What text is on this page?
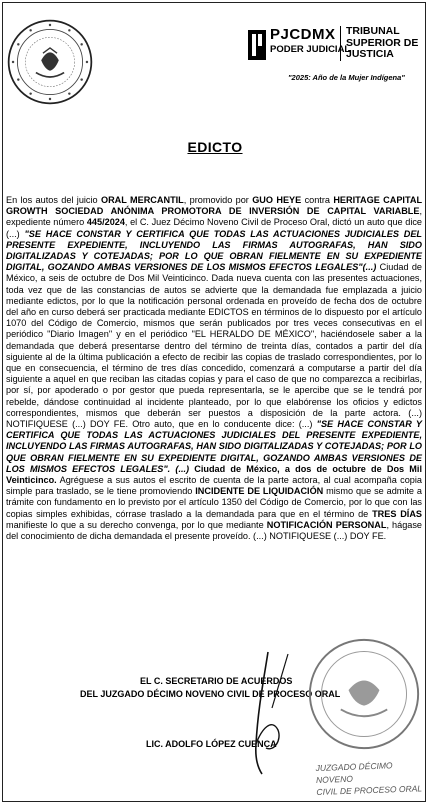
PJCDMX
PODER JUDICIAL
TRIBUNAL
SUPERIOR DE
JUSTICIA
"2025: Año de la Mujer Indígena"
EDICTO
En los autos del juicio ORAL MERCANTIL, promovido por GUO HEYE contra HERITAGE CAPITAL GROWTH SOCIEDAD ANÓNIMA PROMOTORA DE INVERSIÓN DE CAPITAL VARIABLE, expediente número 445/2024, el C. Juez Décimo Noveno Civil de Proceso Oral, dictó un auto que dice (...) "SE HACE CONSTAR Y CERTIFICA QUE TODAS LAS ACTUACIONES JUDICIALES DEL PRESENTE EXPEDIENTE, INCLUYENDO LAS FIRMAS AUTOGRAFAS, HAN SIDO DIGITALIZADAS Y COTEJADAS; POR LO QUE OBRAN FIELMENTE EN SU EXPEDIENTE DIGITAL, GOZANDO AMBAS VERSIONES DE LOS MISMOS EFECTOS LEGALES"(...) Ciudad de México, a seis de octubre de Dos Mil Veinticinco. Dada nueva cuenta con las presentes actuaciones, toda vez que de las constancias de autos se advierte que la demandada fue emplazada a juicio mediante edictos, por lo que la notificación personal ordenada en proveído de fecha dos de octubre del año en curso deberá ser practicada mediante EDICTOS en términos de lo dispuesto por el artículo 1070 del Código de Comercio, mismos que serán publicados por tres veces consecutivas en el periódico "Diario Imagen" y en el periódico "EL HERALDO DE MÉXICO", haciéndosele saber a la demandada que deberá presentarse dentro del término de treinta días, contados a partir del día siguiente al de la última publicación a efecto de recibir las copias de traslado correspondientes, por lo que en consecuencia, el término de tres días concedido, comenzará a computarse a partir del día siguiente a aquel en que reciban las citadas copias y para el caso de que no comparezca a recibirlas, por sí, por apoderado o por gestor que pueda representarla, se le apercibe que se le tendrá por rebelde, dándose continuidad al incidente planteado, por lo que elabórense los oficios y edictos correspondientes, mismos que deberán ser puestos a disposición de la parte actora. (...) NOTIFIQUESE (...) DOY FE. Otro auto, que en lo conducente dice: (...) "SE HACE CONSTAR Y CERTIFICA QUE TODAS LAS ACTUACIONES JUDICIALES DEL PRESENTE EXPEDIENTE, INCLUYENDO LAS FIRMAS AUTOGRAFAS, HAN SIDO DIGITALIZADAS Y COTEJADAS; POR LO QUE OBRAN FIELMENTE EN SU EXPEDIENTE DIGITAL, GOZANDO AMBAS VERSIONES DE LOS MISMOS EFECTOS LEGALES". (...) Ciudad de México, a dos de octubre de Dos Mil Veinticinco. Agréguese a sus autos el escrito de cuenta de la parte actora, al cual acompaña copia simple para traslado, se le tiene promoviendo INCIDENTE DE LIQUIDACIÓN mismo que se admite a trámite con fundamento en lo previsto por el artículo 1350 del Código de Comercio, por lo que con las copias simples exhibidas, córrase traslado a la demandada para que en el término de TRES DÍAS manifieste lo que a su derecho convenga, por lo que mediante NOTIFICACIÓN PERSONAL, hágase del conocimiento de dicha demandada el presente proveído. (...) NOTIFIQUESE (...) DOY FE.
EL C. SECRETARIO DE ACUERDOS
DEL JUZGADO DÉCIMO NOVENO CIVIL DE PROCESO ORAL
LIC. ADOLFO LÓPEZ CUENCA
JUZGADO DÉCIMO NOVENO
CIVIL DE PROCESO ORAL
